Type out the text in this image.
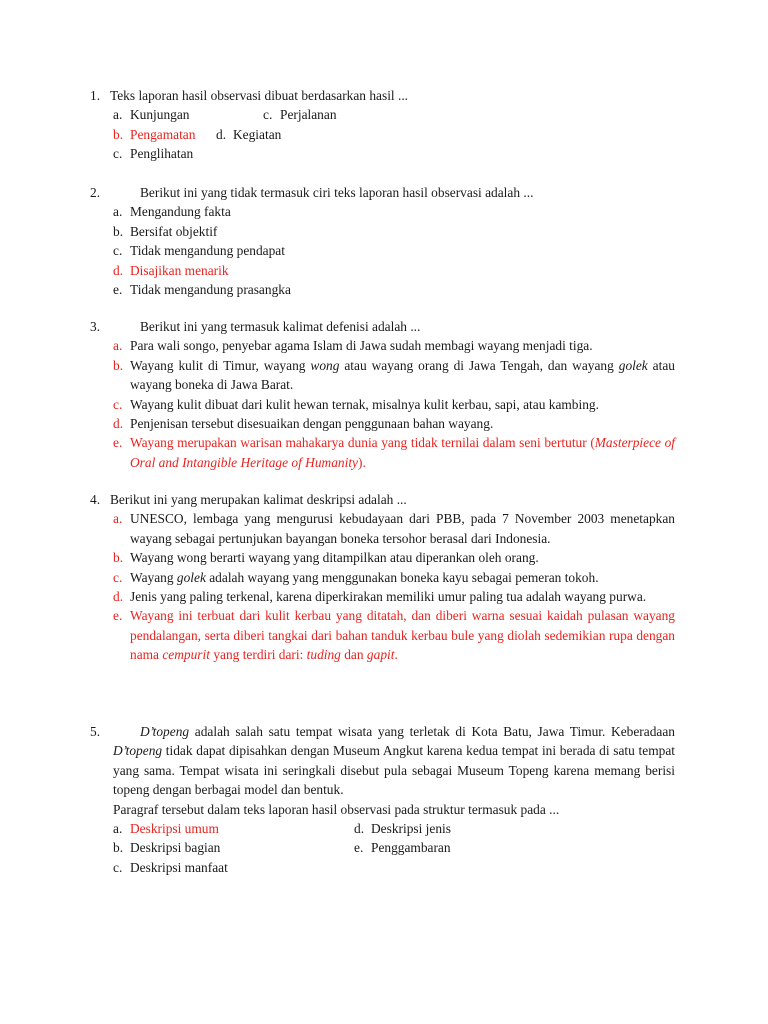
1. Teks laporan hasil observasi dibuat berdasarkan hasil ...
a. Kunjungan	c. Perjalanan
b. Pengamatan d. Kegiatan
c. Penglihatan
2.	Berikut ini yang tidak termasuk ciri teks laporan hasil observasi adalah ...
a. Mengandung fakta
b. Bersifat objektif
c. Tidak mengandung pendapat
d. Disajikan menarik
e. Tidak mengandung prasangka
3.	Berikut ini yang termasuk kalimat defenisi adalah ...
a. Para wali songo, penyebar agama Islam di Jawa sudah membagi wayang menjadi tiga.
b. Wayang kulit di Timur, wayang wong atau wayang orang di Jawa Tengah, dan wayang golek atau wayang boneka di Jawa Barat.
c. Wayang kulit dibuat dari kulit hewan ternak, misalnya kulit kerbau, sapi, atau kambing.
d. Penjenisan tersebut disesuaikan dengan penggunaan bahan wayang.
e. Wayang merupakan warisan mahakarya dunia yang tidak ternilai dalam seni bertutur (Masterpiece of Oral and Intangible Heritage of Humanity).
4. Berikut ini yang merupakan kalimat deskripsi adalah ...
a. UNESCO, lembaga yang mengurusi kebudayaan dari PBB, pada 7 November 2003 menetapkan wayang sebagai pertunjukan bayangan boneka tersohor berasal dari Indonesia.
b. Wayang wong berarti wayang yang ditampilkan atau diperankan oleh orang.
c. Wayang golek adalah wayang yang menggunakan boneka kayu sebagai pemeran tokoh.
d. Jenis yang paling terkenal, karena diperkirakan memiliki umur paling tua adalah wayang purwa.
e. Wayang ini terbuat dari kulit kerbau yang ditatah, dan diberi warna sesuai kaidah pulasan wayang pendalangan, serta diberi tangkai dari bahan tanduk kerbau bule yang diolah sedemikian rupa dengan nama cempurit yang terdiri dari: tuding dan gapit.
5.	D’topeng adalah salah satu tempat wisata yang terletak di Kota Batu, Jawa Timur. Keberadaan D’topeng tidak dapat dipisahkan dengan Museum Angkut karena kedua tempat ini berada di satu tempat yang sama. Tempat wisata ini seringkali disebut pula sebagai Museum Topeng karena memang berisi topeng dengan berbagai model dan bentuk.
Paragraf tersebut dalam teks laporan hasil observasi pada struktur termasuk pada ...
a. Deskripsi umum	d. Deskripsi jenis
b. Deskripsi bagian	e. Penggambaran
c. Deskripsi manfaat
